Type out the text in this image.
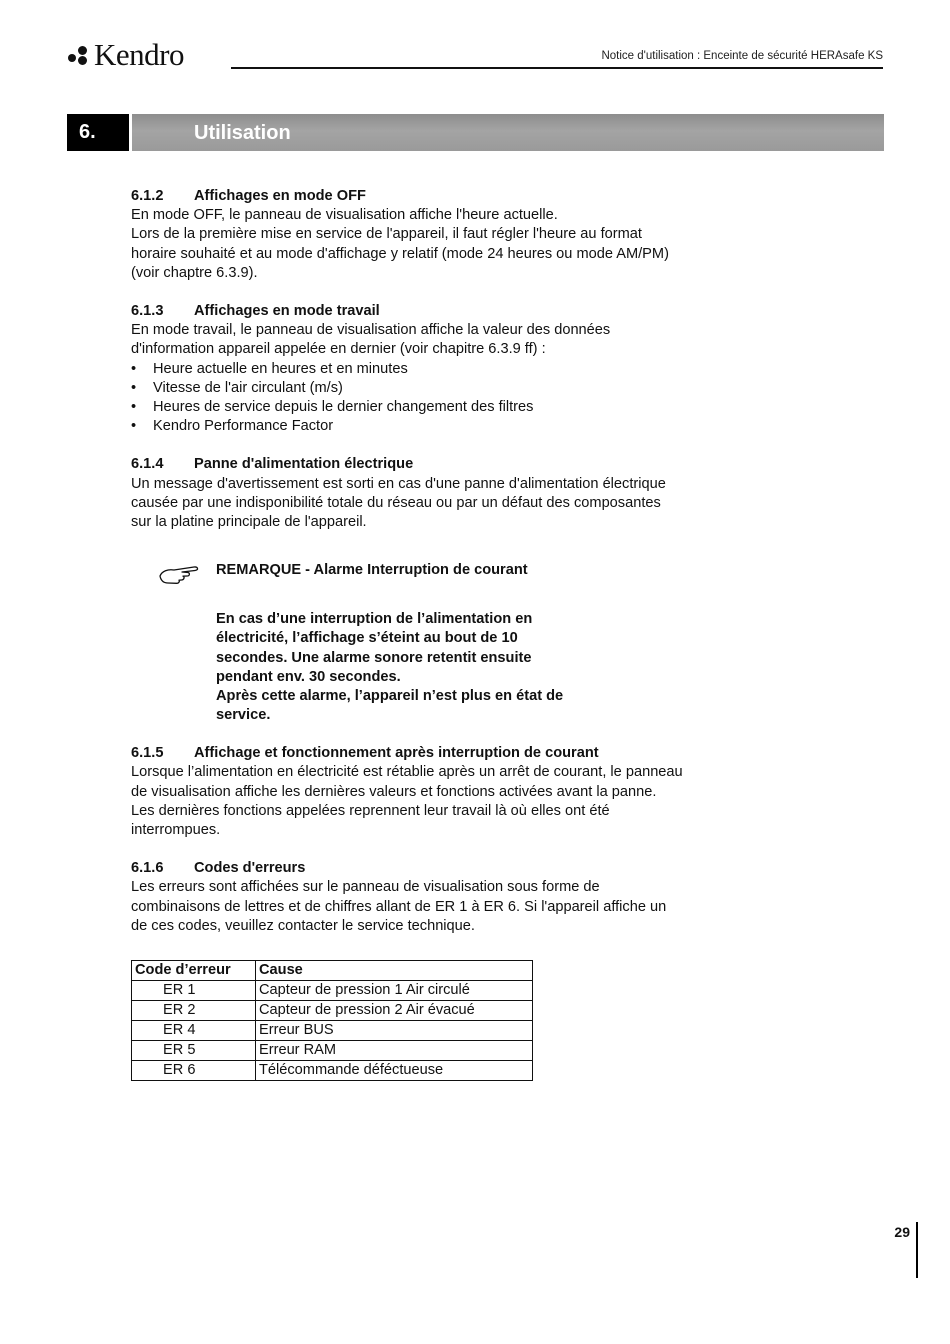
Kendro	Notice d'utilisation : Enceinte de sécurité HERAsafe KS
6.	Utilisation
6.1.2 Affichages en mode OFF

En mode OFF, le panneau de visualisation affiche l'heure actuelle.

Lors de la première mise en service de l'appareil, il faut régler l'heure au format horaire souhaité et au mode d'affichage y relatif (mode 24 heures ou mode AM/PM) (voir chaptre 6.3.9).

6.1.3 Affichages en mode travail

En mode travail, le panneau de visualisation affiche la valeur des données d'information appareil appelée en dernier (voir chapitre 6.3.9 ff) :

• Heure actuelle en heures et en minutes
• Vitesse de l'air circulant (m/s)
• Heures de service depuis le dernier changement des filtres
• Kendro Performance Factor
6.1.4 Panne d'alimentation électrique

Un message d'avertissement est sorti en cas d'une panne d'alimentation électrique causée par une indisponibilité totale du réseau ou par un défaut des composantes sur la platine principale de l'appareil.

REMARQUE - Alarme Interruption de courant

En cas d’une interruption de l’alimentation en électricité, l’affichage s’éteint au bout de 10 secondes. Une alarme sonore retentit ensuite pendant env. 30 secondes.

Après cette alarme, l’appareil n’est plus en état de service.

6.1.5 Affichage et fonctionnement après interruption de courant

Lorsque l’alimentation en électricité est rétablie après un arrêt de courant, le panneau de visualisation affiche les dernières valeurs et fonctions activées avant la panne.

Les dernières fonctions appelées reprennent leur travail là où elles ont été interrompues.

6.1.6 Codes d'erreurs

Les erreurs sont affichées sur le panneau de visualisation sous forme de combinaisons de lettres et de chiffres allant de ER 1 à ER 6. Si l'appareil affiche un de ces codes, veuillez contacter le service technique.

Code d’erreur	Cause
ER 1	Capteur de pression 1 Air circulé
ER 2	Capteur de pression 2 Air évacué
ER 4	Erreur BUS
ER 5	Erreur RAM
ER 6	Télécommande déféctueuse
29
